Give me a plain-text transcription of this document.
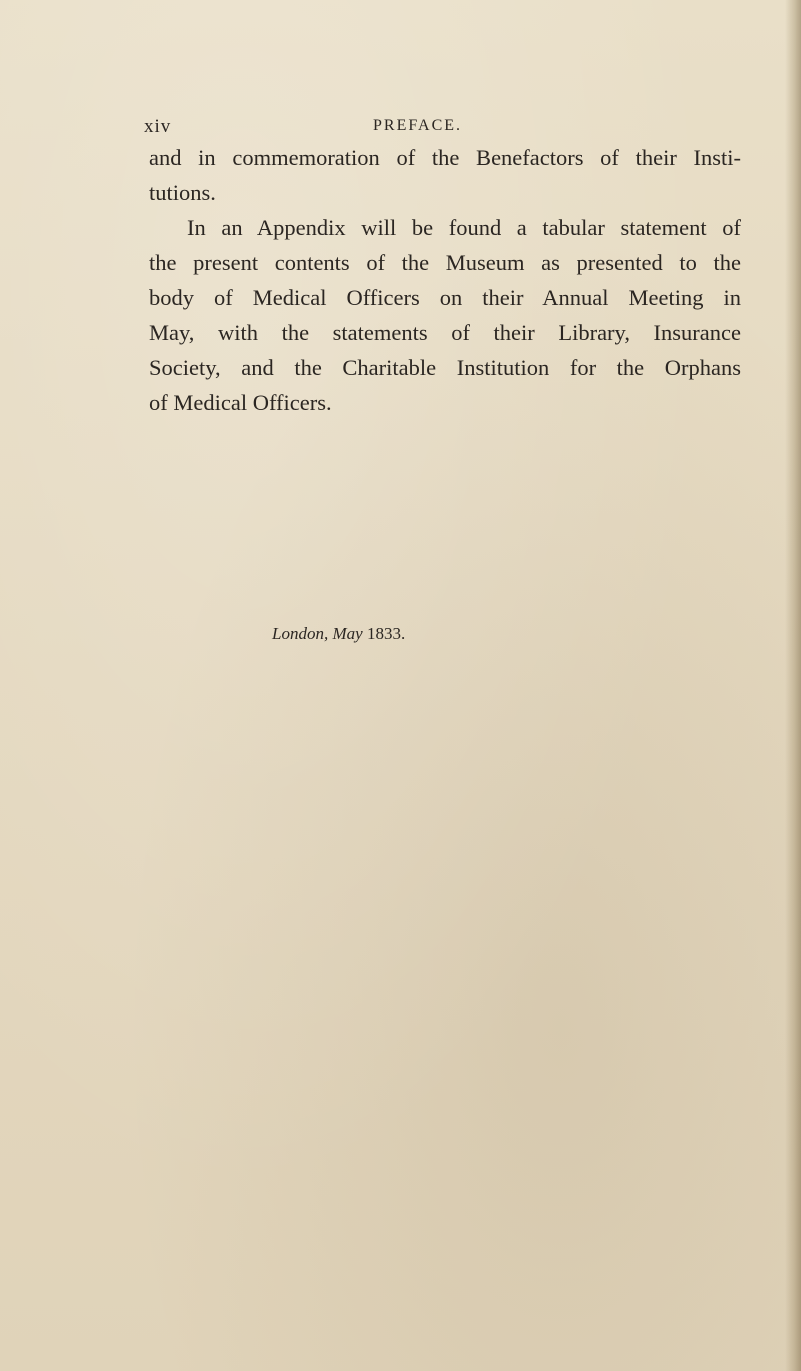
xiv	PREFACE.
and in commemoration of the Benefactors of their Insti-
tutions.
In an Appendix will be found a tabular statement of
the present contents of the Museum as presented to the
body of Medical Officers on their Annual Meeting in
May, with the statements of their Library, Insurance
Society, and the Charitable Institution for the Orphans
of Medical Officers.
London, May 1833.
